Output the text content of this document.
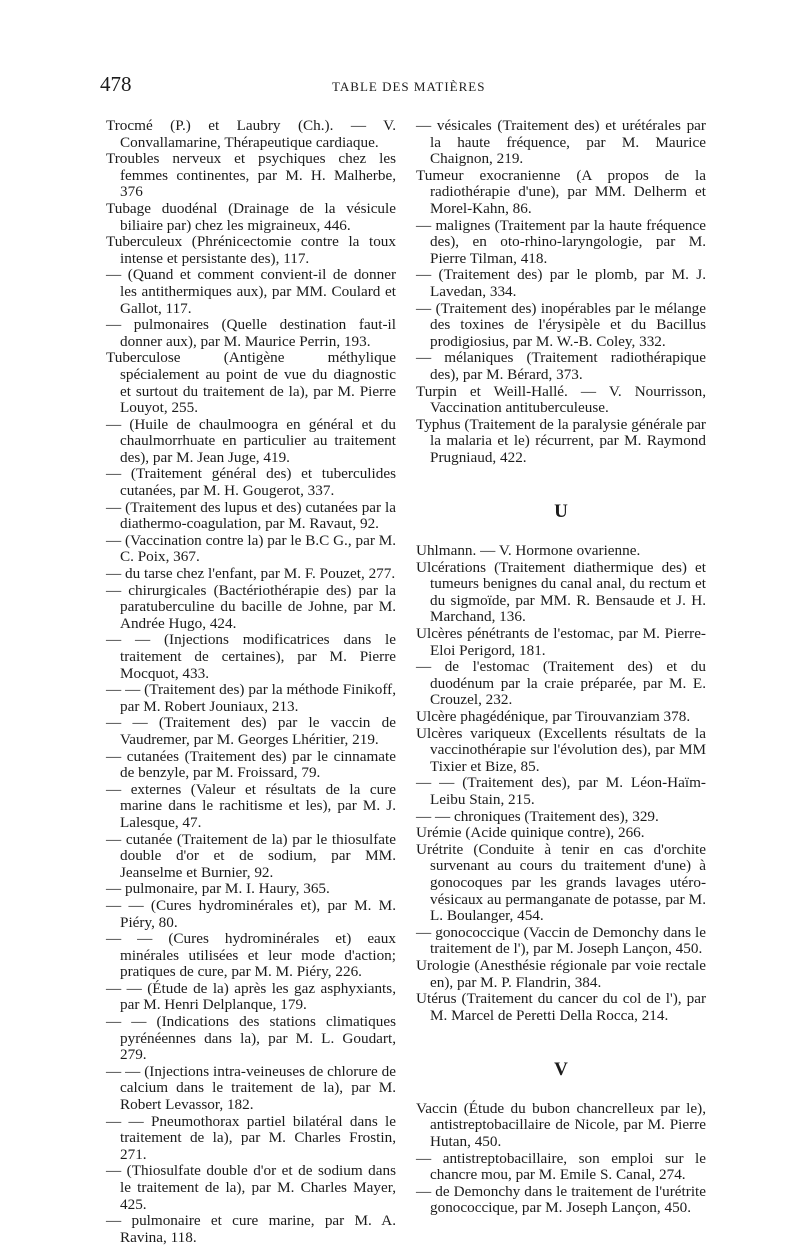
478	TABLE DES MATIÈRES

Trocmé (P.) et Laubry (Ch.). — V. Convallamarine, Thérapeutique cardiaque.

Troubles nerveux et psychiques chez les femmes continentes, par M. H. Malherbe, 376

Tubage duodénal (Drainage de la vésicule biliaire par) chez les migraineux, 446.

Tuberculeux (Phrénicectomie contre la toux intense et persistante des), 117.

— (Quand et comment convient-il de donner les antithermiques aux), par MM. Coulard et Gallot, 117.

— pulmonaires (Quelle destination faut-il donner aux), par M. Maurice Perrin, 193.

Tuberculose (Antigène méthylique spécialement au point de vue du diagnostic et surtout du traitement de la), par M. Pierre Louyot, 255.

— (Huile de chaulmoogra en général et du chaulmorrhuate en particulier au traitement des), par M. Jean Juge, 419.

— (Traitement général des) et tuberculides cutanées, par M. H. Gougerot, 337.

— (Traitement des lupus et des) cutanées par la diathermo-coagulation, par M. Ravaut, 92.

— (Vaccination contre la) par le B.C G., par M. C. Poix, 367.

— du tarse chez l'enfant, par M. F. Pouzet, 277.

— chirurgicales (Bactériothérapie des) par la paratuberculine du bacille de Johne, par M. Andrée Hugo, 424.

— — (Injections modificatrices dans le traitement de certaines), par M. Pierre Mocquot, 433.

— — (Traitement des) par la méthode Finikoff, par M. Robert Jouniaux, 213.

— — (Traitement des) par le vaccin de Vaudremer, par M. Georges Lhéritier, 219.

— cutanées (Traitement des) par le cinnamate de benzyle, par M. Froissard, 79.

— externes (Valeur et résultats de la cure marine dans le rachitisme et les), par M. J. Lalesque, 47.

— cutanée (Traitement de la) par le thiosulfate double d'or et de sodium, par MM. Jeanselme et Burnier, 92.

— pulmonaire, par M. I. Haury, 365.

— — (Cures hydrominérales et), par M. M. Piéry, 80.

— — (Cures hydrominérales et) eaux minérales utilisées et leur mode d'action; pratiques de cure, par M. M. Piéry, 226.

— — (Étude de la) après les gaz asphyxiants, par M. Henri Delplanque, 179.

— — (Indications des stations climatiques pyrénéennes dans la), par M. L. Goudart, 279.

— — (Injections intra-veineuses de chlorure de calcium dans le traitement de la), par M. Robert Levassor, 182.

— — Pneumothorax partiel bilatéral dans le traitement de la), par M. Charles Frostin, 271.

— (Thiosulfate double d'or et de sodium dans le traitement de la), par M. Charles Mayer, 425.

— pulmonaire et cure marine, par M. A. Ravina, 118.

— vésicales (Traitement des) et urétérales par la haute fréquence, par M. Maurice Chaignon, 219.

Tumeur exocranienne (A propos de la radiothérapie d'une), par MM. Delherm et Morel-Kahn, 86.

— malignes (Traitement par la haute fréquence des), en oto-rhino-laryngologie, par M. Pierre Tilman, 418.

— (Traitement des) par le plomb, par M. J. Lavedan, 334.

— (Traitement des) inopérables par le mélange des toxines de l'érysipèle et du Bacillus prodigiosius, par M. W.-B. Coley, 332.

— mélaniques (Traitement radiothérapique des), par M. Bérard, 373.

Turpin et Weill-Hallé. — V. Nourrisson, Vaccination antituberculeuse.

Typhus (Traitement de la paralysie générale par la malaria et le) récurrent, par M. Raymond Prugniaud, 422.

U

Uhlmann. — V. Hormone ovarienne.

Ulcérations (Traitement diathermique des) et tumeurs benignes du canal anal, du rectum et du sigmoïde, par MM. R. Bensaude et J. H. Marchand, 136.

Ulcères pénétrants de l'estomac, par M. Pierre-Eloi Perigord, 181.

— de l'estomac (Traitement des) et du duodénum par la craie préparée, par M. E. Crouzel, 232.

Ulcère phagédénique, par Tirouvanziam 378.

Ulcères variqueux (Excellents résultats de la vaccinothérapie sur l'évolution des), par MM Tixier et Bize, 85.

— — (Traitement des), par M. Léon-Haïm-Leibu Stain, 215.

— — chroniques (Traitement des), 329.

Urémie (Acide quinique contre), 266.

Urétrite (Conduite à tenir en cas d'orchite survenant au cours du traitement d'une) à gonocoques par les grands lavages utéro-vésicaux au permanganate de potasse, par M. L. Boulanger, 454.

— gonococcique (Vaccin de Demonchy dans le traitement de l'), par M. Joseph Lançon, 450.

Urologie (Anesthésie régionale par voie rectale en), par M. P. Flandrin, 384.

Utérus (Traitement du cancer du col de l'), par M. Marcel de Peretti Della Rocca, 214.

V

Vaccin (Étude du bubon chancrelleux par le), antistreptobacillaire de Nicole, par M. Pierre Hutan, 450.

— antistreptobacillaire, son emploi sur le chancre mou, par M. Emile S. Canal, 274.

— de Demonchy dans le traitement de l'urétrite gonococcique, par M. Joseph Lançon, 450.
